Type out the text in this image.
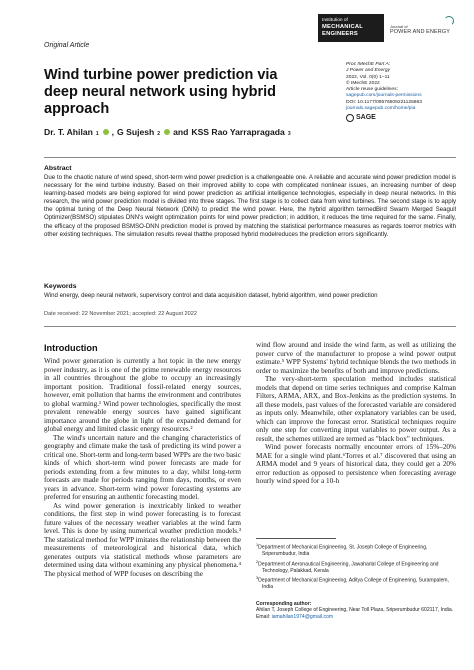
Original Article
Institution of
MECHANICAL
ENGINEERS
Journal of
POWER AND ENERGY
Wind turbine power prediction via deep neural network using hybrid approach
Proc IMechE Part A:
J Power and Energy
2022, Vol. 0(0) 1–11
© IMechE 2022
Article reuse guidelines:
sagepub.com/journals-permissions
DOI: 10.1177/09576509221125863
journals.sagepub.com/home/pia
SAGE
Dr. T. Ahilan $_1$ , G Sujesh $_2$ and KSS Rao Yarrapragada $_3$
Abstract

Due to the chaotic nature of wind speed, short-term wind power prediction is a challengeable one. A reliable and accurate wind power prediction model is necessary for the wind turbine industry. Based on their improved ability to cope with complicated nonlinear issues, an increasing number of deep learning-based models are being explored for wind power prediction as artificial intelligence technologies, especially in deep neural networks. In this research, the wind power prediction model is divided into three stages. The first stage is to collect data from wind turbines. The second stage is to apply the optimal tuning of the Deep Neural Network (DNN) to predict the wind power. Here, the hybrid algorithm termedBird Swarm Merged Seagull Optimizer(BSMSO) stipulates DNN's weight optimization points for wind power prediction; in addition, it reduces the time required for the same. Finally, the efficacy of the proposed BSMSO-DNN prediction model is proved by matching the statistical performance measures as regards toerror metrics with other existing techniques. The simulation results reveal thatthe proposed hybrid modelreduces the prediction errors significantly.

Keywords
Wind energy, deep neural network, supervisory control and data acquisition dataset, hybrid algorithm, wind power prediction
Date received: 22 November 2021; accepted: 22 August 2022
Introduction

Wind power generation is currently a hot topic in the new energy power industry, as it is one of the prime renewable energy resources in all countries throughout the globe to occupy an increasingly important position. Traditional fossil-related energy sources, however, emit pollution that harms the environment and contributes to global warming.¹ Wind power technologies, specifically the most prevalent renewable energy sources have gained significant importance around the globe in light of the expanded demand for global energy and limited classic energy resources.²

The wind's uncertain nature and the changing characteristics of geography and climate make the task of predicting its wind power a critical one. Short-term and long-term based WPPs are the two basic kinds of which short-term wind power forecasts are made for periods extending from a few minutes to a day, whilst long-term forecasts are made for periods ranging from days, months, or even years in advance. Short-term wind power forecasting systems are preferred for ensuring an authentic forecasting model.

As wind power generation is inextricably linked to weather conditions, the first step in wind power forecasting is to forecast future values of the necessary weather variables at the wind farm level. This is done by using numerical weather prediction models.³ The statistical method for WPP imitates the relationship between the measurements of meteorological and historical data, which generates outputs via statistical methods whose parameters are determined using data without examining any physical phenomena.⁴ The physical method of WPP focuses on describing the

wind flow around and inside the wind farm, as well as utilizing the power curve of the manufacturer to propose a wind power output estimate.⁵ WPP Systems' hybrid technique blends the two methods in order to maximize the benefits of both and improve predictions.

The very-short-term speculation method includes statistical models that depend on time series techniques and comprise Kalman Filters, ARMA, ARX, and Box-Jenkins as the prediction systems. In all these models, past values of the forecasted variable are considered as inputs only. Meanwhile, other explanatory variables can be used, which can improve the forecast error. Statistical techniques require only one step for converting input variables to power output. As a result, the schemes utilized are termed as "black box" techniques.

Wind power forecasts normally encounter errors of 15%–20% MAE for a single wind plant.⁶Torres et al.⁷ discovered that using an ARMA model and 9 years of historical data, they could get a 20% error reduction as opposed to persistence when forecasting average hourly wind speed for a 10-h

$^1$Department of Mechanical Engineering, St. Joseph College of Engineering, Sriperumbudur, India
$^2$Department of Aeronautical Engineering, Jawaharlal College of Engineering and Technology, Palakkad, Kerala
$^3$Department of Mechanical Engineering, Aditya College of Engineering, Surampalem, India
Corresponding author:
Ahilan T, Joseph College of Engineering, Near Toll Plaza, Sriperumbudur 602117, India.
Email: iamahilan1974@gmail.com
